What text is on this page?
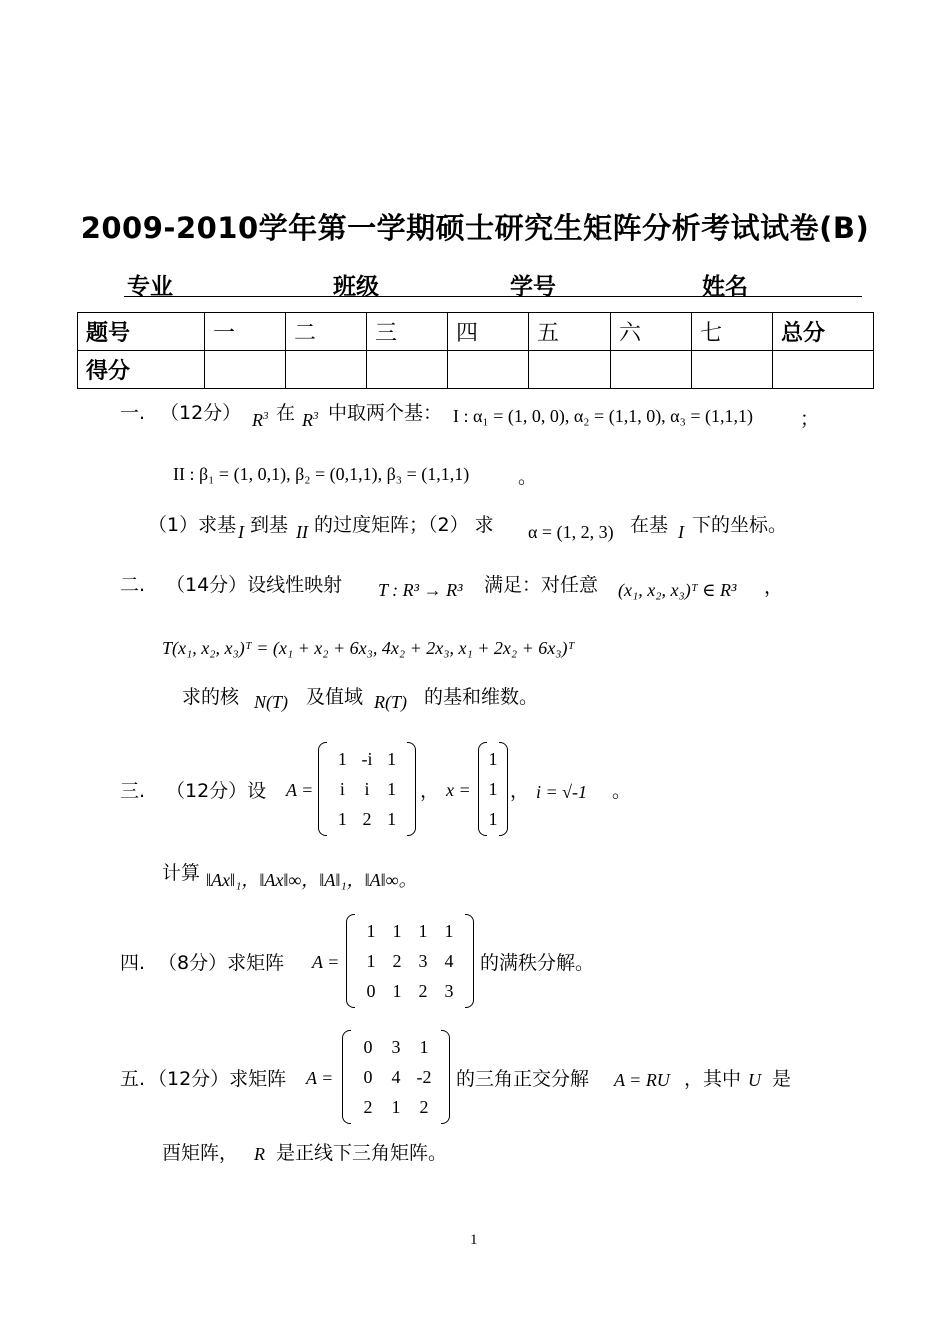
2009-2010学年第一学期硕士研究生矩阵分析考试试卷(B)
专业	班级	学号	姓名
题号	一	二	三	四	五	六	七	总分
得分								
一. （12分） $R^3$ 在 $R^3$ 中取两个基： I : α₁ = (1, 0, 0), α₂ = (1,1, 0), α₃ = (1,1,1) ；
II : β₁ = (1, 0,1), β₂ = (0,1,1), β₃ = (1,1,1)	。
（1）求基 I 到基 II 的过度矩阵；（2） 求 α = (1, 2, 3) 在基 I 下的坐标。
二. （14分）设线性映射 T : R³ → R³ 满足：对任意 (x₁, x₂, x₃)ᵀ ∈ R³ ，
T(x₁, x₂, x₃)ᵀ = (x₁ + x₂ + 6x₃, 4x₂ + 2x₃, x₁ + 2x₂ + 6x₃)ᵀ
求的核 N(T) 及值域 R(T) 的基和维数。
三. （12分）设 A =
1 -i 1
i i 1
1 2 1
， x =
1
1
1
， i = √-1 。
计算 ‖Ax‖₁，‖Ax‖∞，‖A‖₁，‖A‖∞。
四. （8分）求矩阵 A =
1 1 1 1
1 2 3 4
0 1 2 3
的满秩分解。
五. （12分）求矩阵 A =
0 3 1
0 4 -2
2 1 2
的三角正交分解 A = RU ，其中 U 是
酉矩阵， R 是正线下三角矩阵。
1
